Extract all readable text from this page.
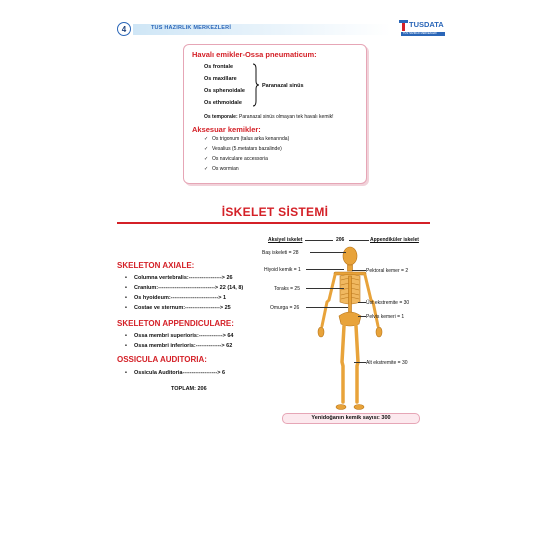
4	TUS HAZIRLIK MERKEZLERİ	TUSDATA
TUS HAZIRLIK MERKEZLERİ
Havalı emikler-Ossa pneumaticum:
Os frontale
Os maxillare
Os sphenoidale
Os ethmoidale
Paranazal sinüs
Os temporale: Paranazal sinüs olmayan tek havalı kemik!
Aksesuar kemikler:
✓ Os trigonum (talus arka kenarında)
✓ Vesalius (5.metatars bazalinde)
✓ Os naviculare accessoria
✓ Os wormian
İSKELET SİSTEMİ
SKELETON AXIALE:
• Columna vertebralis:------------------> 26
• Cranium:-------------------------------> 22 (14, 8)
• Os hyoideum:--------------------------> 1
• Costae ve sternum:-------------------> 25
SKELETON APPENDICULARE:
• Ossa membri superioris:-------------> 64
• Ossa membri inferioris:--------------> 62
OSSICULA AUDITORIA:
• Ossicula Auditoria-------------------> 6
TOPLAM: 206
Aksiyel iskelet	206	Appendiküler iskelet
Baş iskeleti = 28
Hiyoid kemik = 1
Toraks = 25
Omurga = 26
Pektoral kemer = 2
Üst ekstremite = 30
Pelvis kemeri = 1
Alt ekstremite = 30
Yenidoğanın kemik sayısı: 300
